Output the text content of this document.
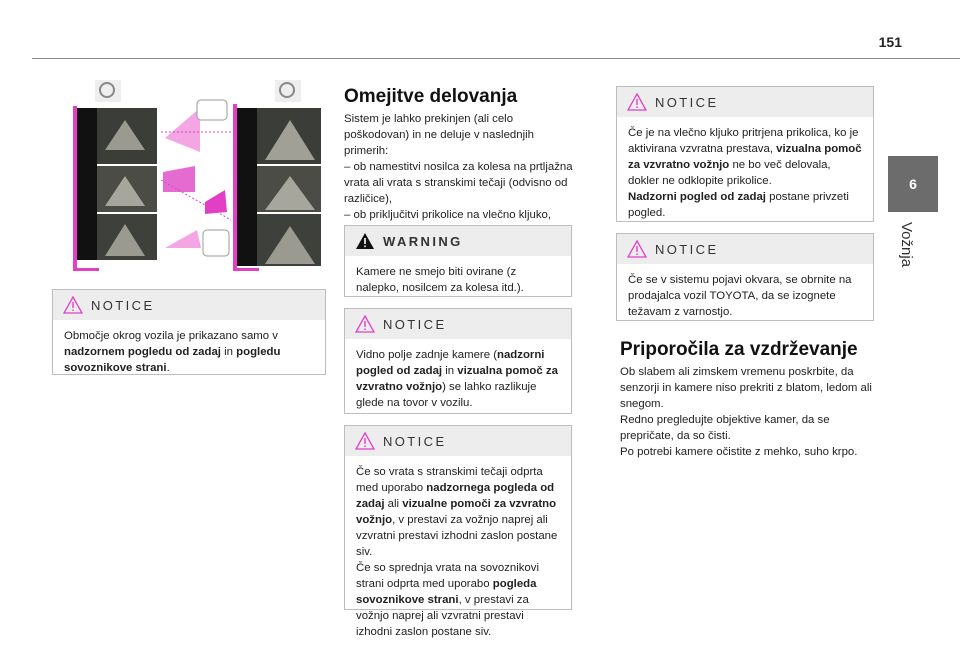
151
6
Vožnja
NOTICE
Območje okrog vozila je prikazano samo v nadzornem pogledu od zadaj in pogledu sovoznikove strani.
Omejitve delovanja
Sistem je lahko prekinjen (ali celo poškodovan) in ne deluje v naslednjih primerih:
– ob namestitvi nosilca za kolesa na prtljažna vrata ali vrata s stranskimi tečaji (odvisno od različice),
– ob priključitvi prikolice na vlečno kljuko,
WARNING
Kamere ne smejo biti ovirane (z nalepko, nosilcem za kolesa itd.).
NOTICE
Vidno polje zadnje kamere (nadzorni pogled od zadaj in vizualna pomoč za vzvratno vožnjo) se lahko razlikuje glede na tovor v vozilu.
NOTICE
Če so vrata s stranskimi tečaji odprta med uporabo nadzornega pogleda od zadaj ali vizualne pomoči za vzvratno vožnjo, v prestavi za vožnjo naprej ali vzvratni prestavi izhodni zaslon postane siv.
Če so sprednja vrata na sovoznikovi strani odprta med uporabo pogleda sovoznikove strani, v prestavi za vožnjo naprej ali vzvratni prestavi izhodni zaslon postane siv.
NOTICE
Če je na vlečno kljuko pritrjena prikolica, ko je aktivirana vzvratna prestava, vizualna pomoč za vzvratno vožnjo ne bo več delovala, dokler ne odklopite prikolice.
Nadzorni pogled od zadaj postane privzeti pogled.
NOTICE
Če se v sistemu pojavi okvara, se obrnite na prodajalca vozil TOYOTA, da se izognete težavam z varnostjo.
Priporočila za vzdrževanje
Ob slabem ali zimskem vremenu poskrbite, da senzorji in kamere niso prekriti z blatom, ledom ali snegom.
Redno pregledujte objektive kamer, da se prepričate, da so čisti.
Po potrebi kamere očistite z mehko, suho krpo.
